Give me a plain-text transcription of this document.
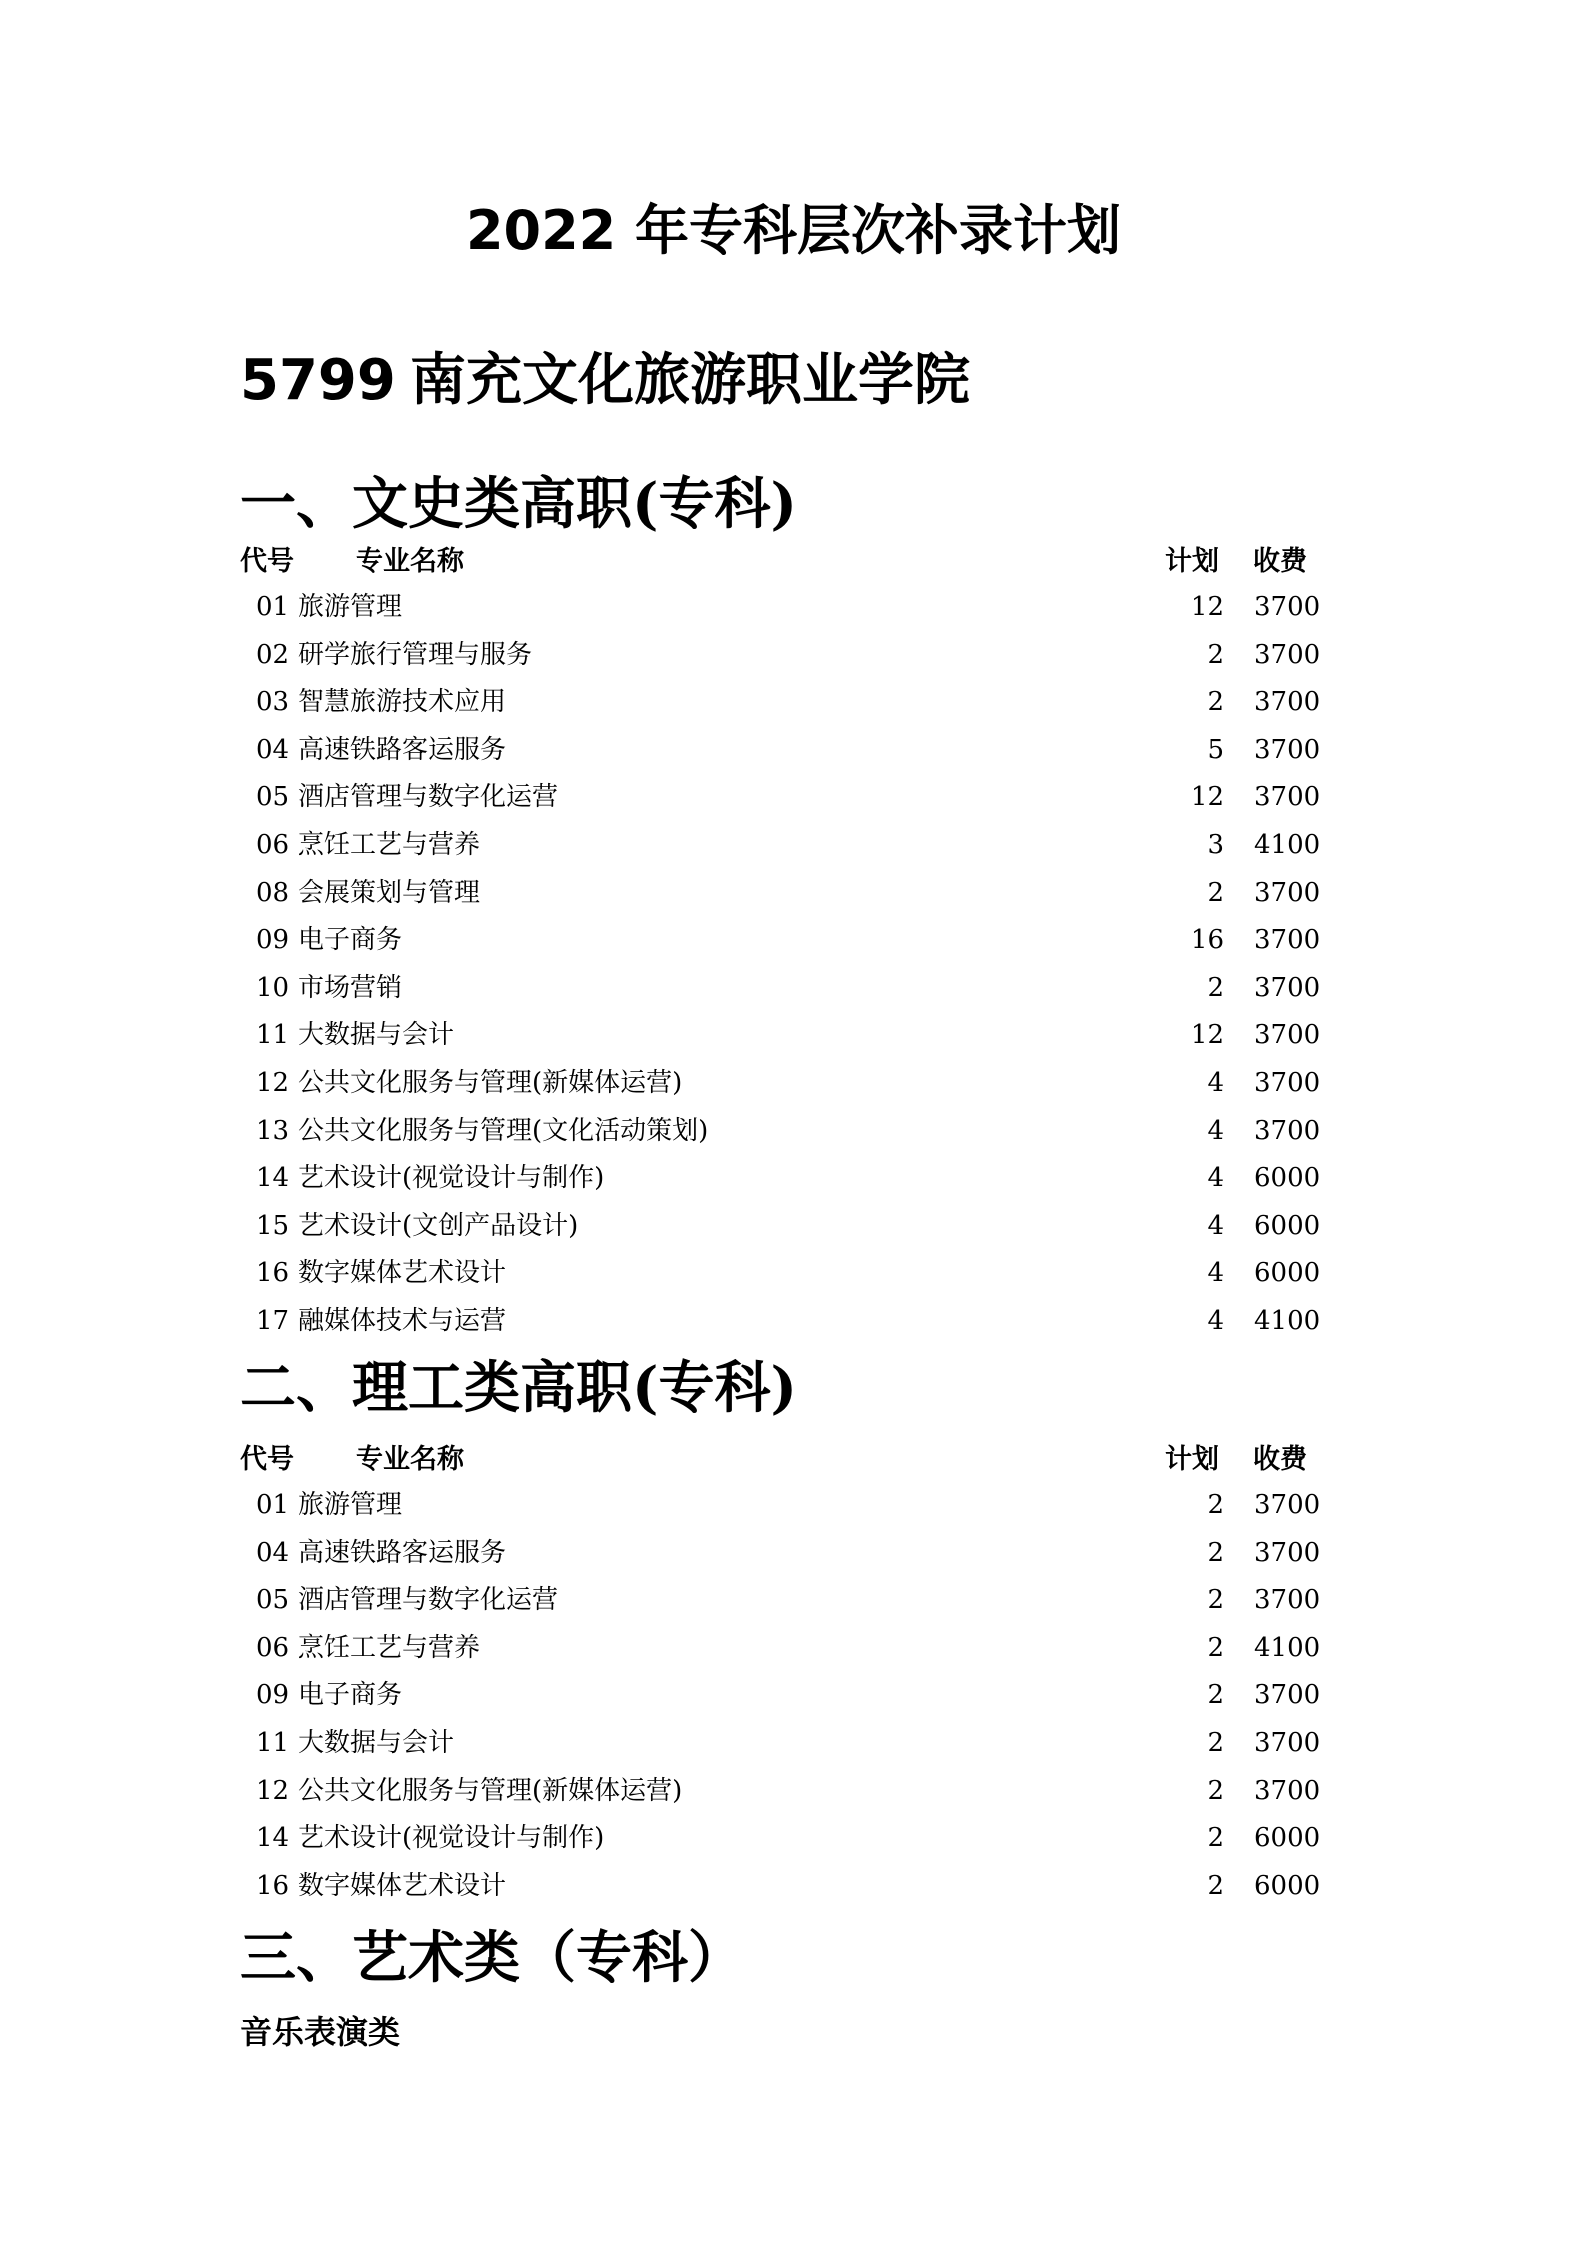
2022 年专科层次补录计划
5799 南充文化旅游职业学院
一、文史类高职(专科)
代号 专业名称	计划 收费
01 旅游管理	12 3700
02 研学旅行管理与服务	2 3700
03 智慧旅游技术应用	2 3700
04 高速铁路客运服务	5 3700
05 酒店管理与数字化运营	12 3700
06 烹饪工艺与营养	3 4100
08 会展策划与管理	2 3700
09 电子商务	16 3700
10 市场营销	2 3700
11 大数据与会计	12 3700
12 公共文化服务与管理(新媒体运营)	4 3700
13 公共文化服务与管理(文化活动策划)	4 3700
14 艺术设计(视觉设计与制作)	4 6000
15 艺术设计(文创产品设计)	4 6000
16 数字媒体艺术设计	4 6000
17 融媒体技术与运营	4 4100
二、理工类高职(专科)
代号 专业名称	计划 收费
01 旅游管理	2 3700
04 高速铁路客运服务	2 3700
05 酒店管理与数字化运营	2 3700
06 烹饪工艺与营养	2 4100
09 电子商务	2 3700
11 大数据与会计	2 3700
12 公共文化服务与管理(新媒体运营)	2 3700
14 艺术设计(视觉设计与制作)	2 6000
16 数字媒体艺术设计	2 6000
三、艺术类（专科）

音乐表演类
